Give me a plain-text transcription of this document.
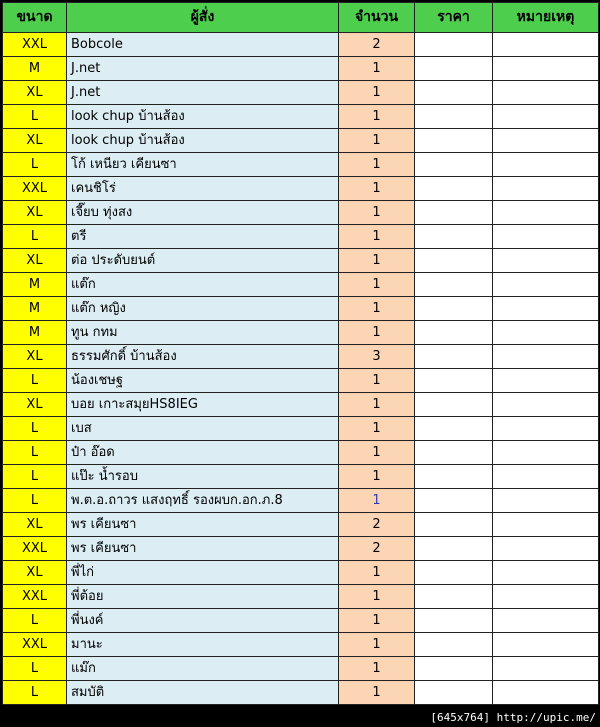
ขนาด	ผู้สั่ง	จำนวน	ราคา	หมายเหตุ
XXL	Bobcole	2		
M	J.net	1		
XL	J.net	1		
L	look chup บ้านส้อง	1		
XL	look chup บ้านส้อง	1		
L	โก้ เหนียว เคียนซา	1		
XXL	เคนชิโร่	1		
XL	เจี๊ยบ ทุ่งสง	1		
L	ตรี	1		
XL	ต่อ ประดับยนต์	1		
M	แต๊ก	1		
M	แต๊ก หญิง	1		
M	ทูน กทม	1		
XL	ธรรมศักดิ์ บ้านส้อง	3		
L	น้องเชษฐ	1		
XL	บอย เกาะสมุยHS8IEG	1		
L	เบส	1		
L	ป๋า อ๊อด	1		
L	แป๊ะ น้ำรอบ	1		
L	พ.ต.อ.ถาวร แสงฤทธิ์ รองผบก.อก.ภ.8	1		
XL	พร เคียนซา	2		
XXL	พร เคียนซา	2		
XL	พี่ไก่	1		
XXL	พี่ต้อย	1		
L	พี่นงค์	1		
XXL	มานะ	1		
L	แม๊ก	1		
L	สมบัติ	1		
[645x764] http://upic.me/
